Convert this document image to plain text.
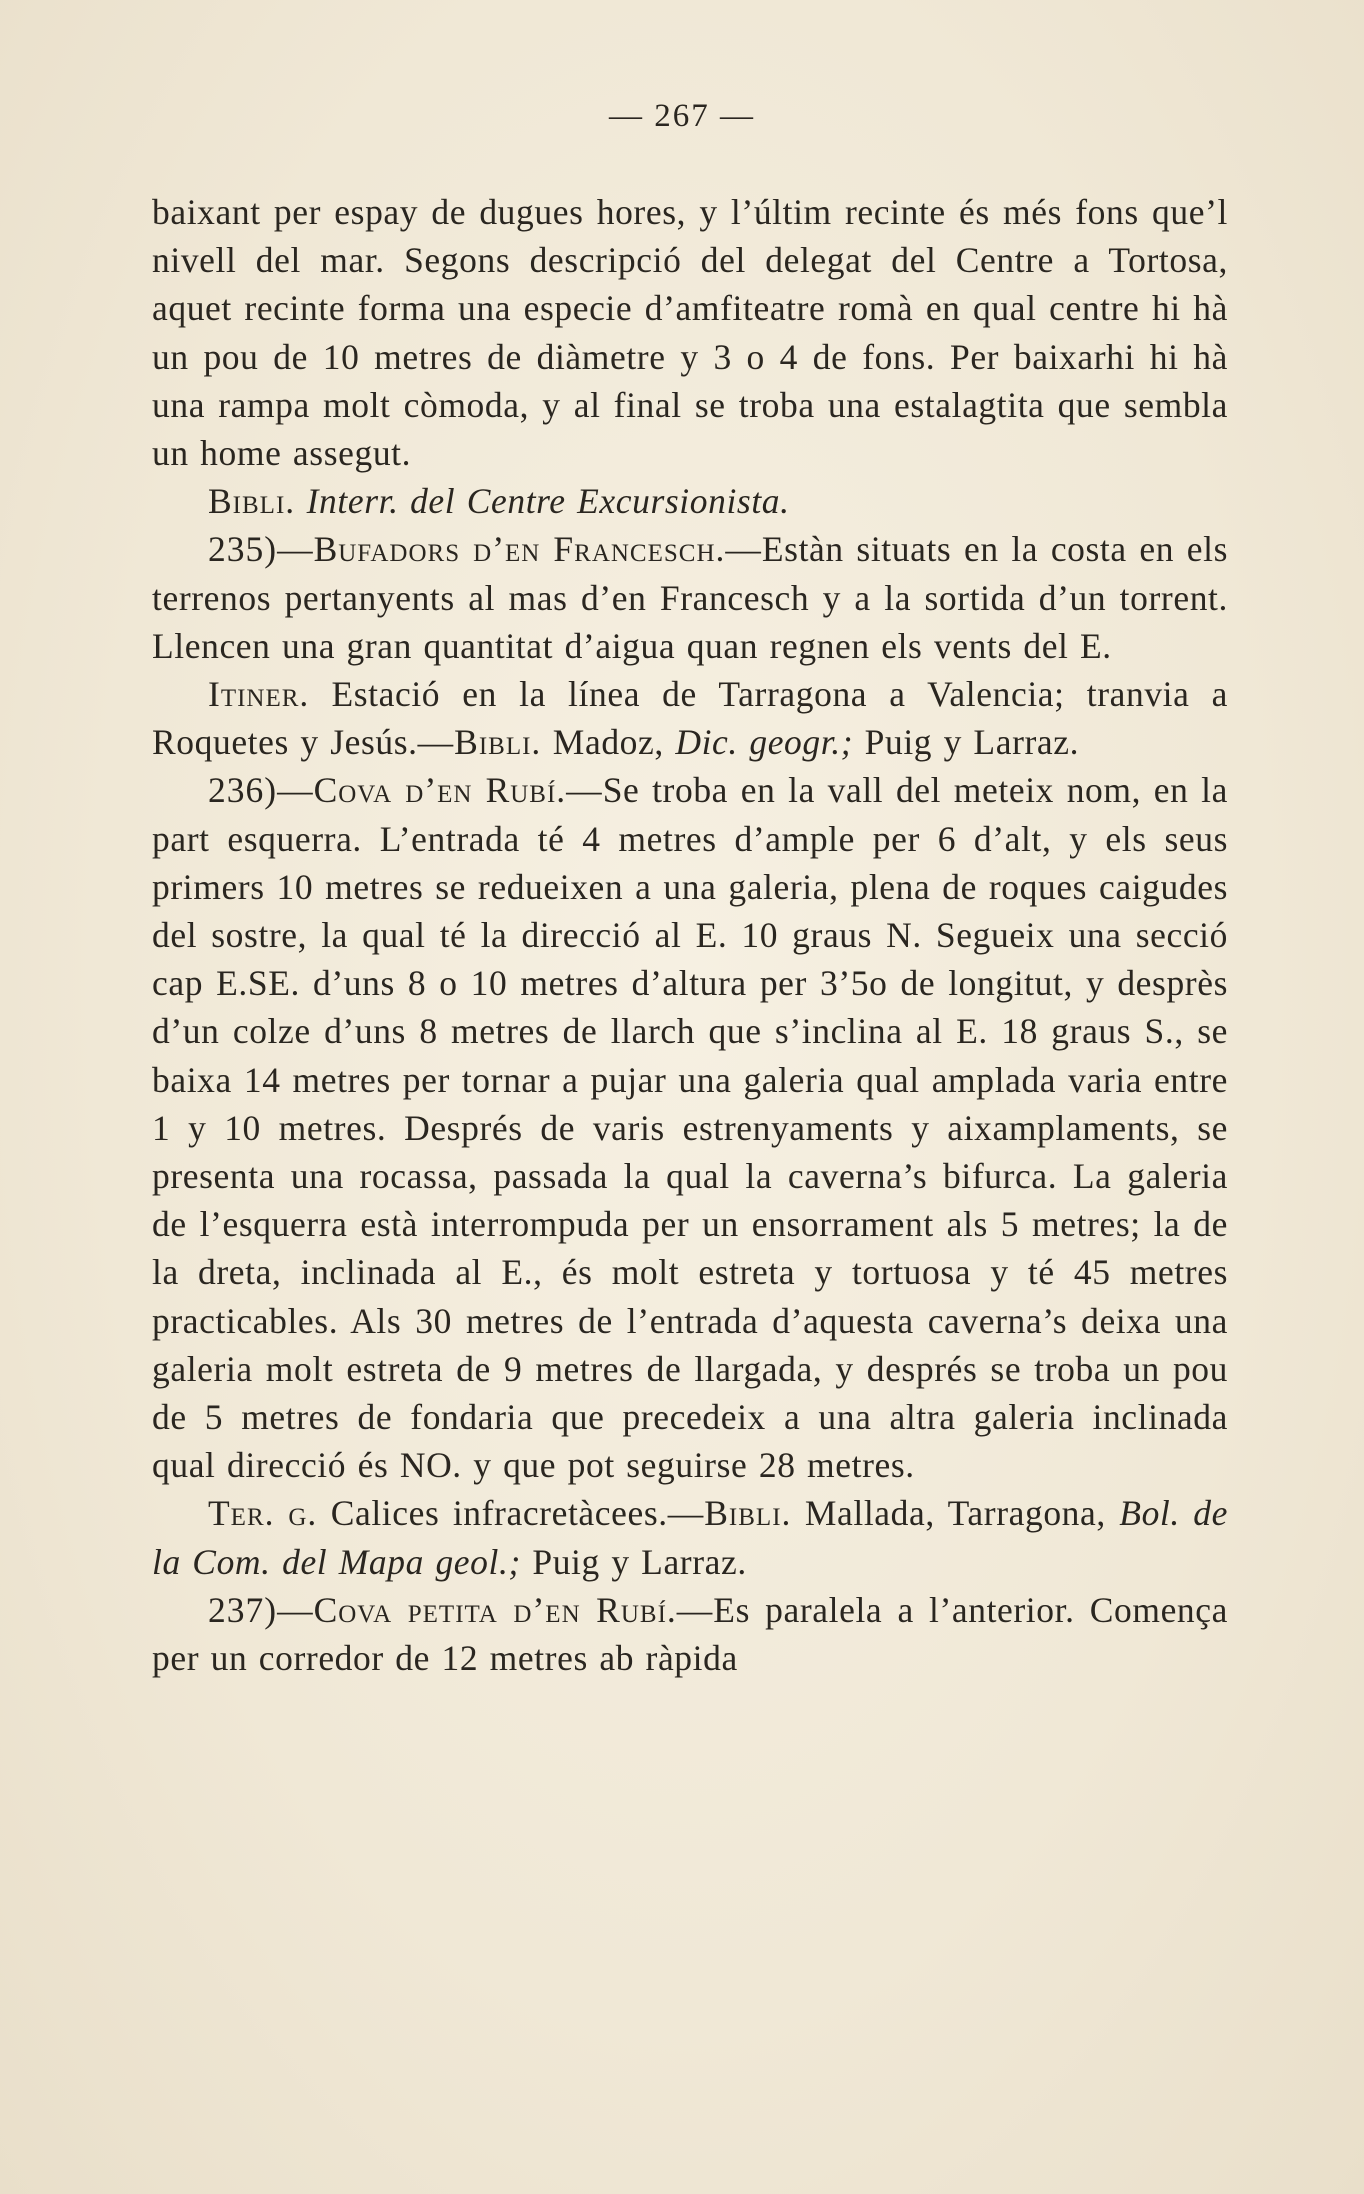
— 267 —

baixant per espay de dugues hores, y l’últim recinte és més fons que’l nivell del mar. Segons descripció del delegat del Centre a Tortosa, aquet recinte forma una especie d’amfiteatre romà en qual centre hi hà un pou de 10 metres de diàmetre y 3 o 4 de fons. Per baixarhi hi hà una rampa molt còmoda, y al final se troba una estalagtita que sembla un home assegut.

Bibli. Interr. del Centre Excursionista.

235)—Bufadors d’en Francesch.—Estàn situats en la costa en els terrenos pertanyents al mas d’en Francesch y a la sortida d’un torrent. Llencen una gran quantitat d’aigua quan regnen els vents del E.

Itiner. Estació en la línea de Tarragona a Valencia; tranvia a Roquetes y Jesús.—Bibli. Madoz, Dic. geogr.; Puig y Larraz.

236)—Cova d’en Rubí.—Se troba en la vall del meteix nom, en la part esquerra. L’entrada té 4 metres d’ample per 6 d’alt, y els seus primers 10 metres se redueixen a una galeria, plena de roques caigudes del sostre, la qual té la direcció al E. 10 graus N. Segueix una secció cap E.SE. d’uns 8 o 10 metres d’altura per 3’5o de longitut, y desprès d’un colze d’uns 8 metres de llarch que s’inclina al E. 18 graus S., se baixa 14 metres per tornar a pujar una galeria qual amplada varia entre 1 y 10 metres. Després de varis estrenyaments y aixamplaments, se presenta una rocassa, passada la qual la caverna’s bifurca. La galeria de l’esquerra està interrompuda per un ensorrament als 5 metres; la de la dreta, inclinada al E., és molt estreta y tortuosa y té 45 metres practicables. Als 30 metres de l’entrada d’aquesta caverna’s deixa una galeria molt estreta de 9 metres de llargada, y després se troba un pou de 5 metres de fondaria que precedeix a una altra galeria inclinada qual direcció és NO. y que pot seguirse 28 metres.

Ter. g. Calices infracretàcees.—Bibli. Mallada, Tarragona, Bol. de la Com. del Mapa geol.; Puig y Larraz.

237)—Cova petita d’en Rubí.—Es paralela a l’anterior. Comença per un corredor de 12 metres ab ràpida
